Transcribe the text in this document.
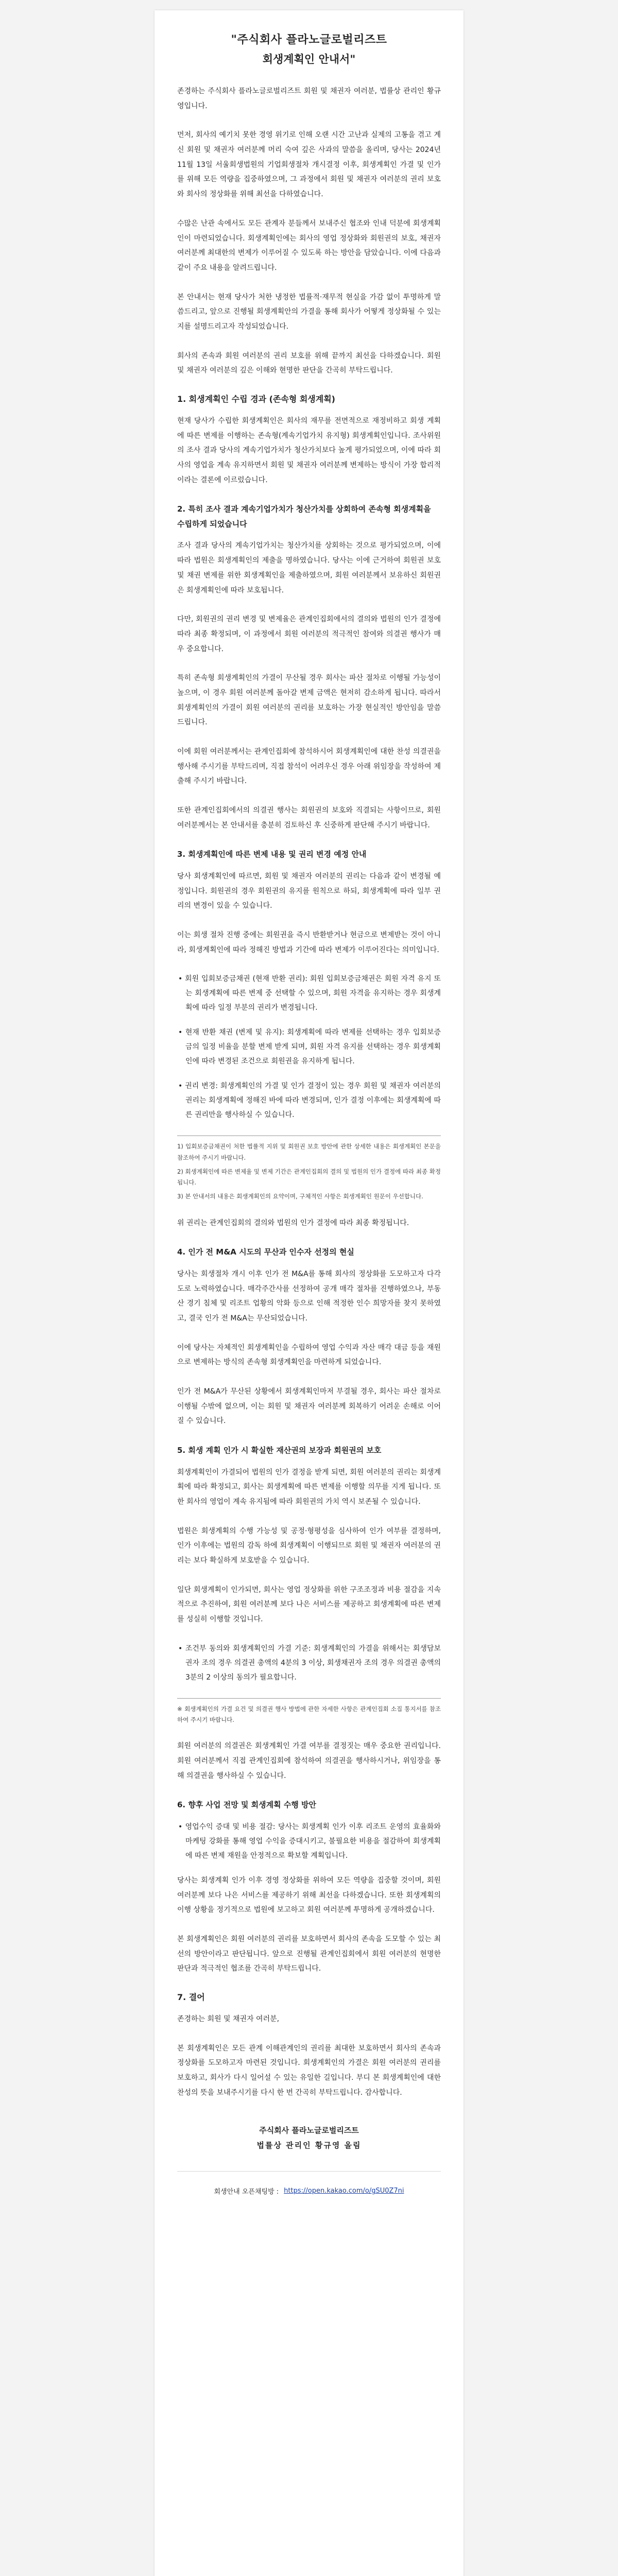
"주식회사 플라노글로벌리즈트
회생계획인 안내서"

존경하는 주식회사 플라노글로벌리즈트 회원 및 채권자 여러분, 법률상 관리인 황규영입니다.

먼저, 회사의 예기치 못한 경영 위기로 인해 오랜 시간 고난과 실제의 고통을 겪고 계신 회원 및 채권자 여러분께 머리 숙여 깊은 사과의 말씀을 올리며, 당사는 2024년 11월 13일 서울회생법원의 기업회생절차 개시결정 이후, 회생계획인 가결 및 인가를 위해 모든 역량을 집중하였으며, 그 과정에서 회원 및 채권자 여러분의 권리 보호와 회사의 정상화를 위해 최선을 다하였습니다.

수많은 난관 속에서도 모든 관계자 분들께서 보내주신 협조와 인내 덕분에 회생계획인이 마련되었습니다. 회생계획인에는 회사의 영업 정상화와 회원권의 보호, 채권자 여러분께 최대한의 변제가 이루어질 수 있도록 하는 방안을 담았습니다. 이에 다음과 같이 주요 내용을 알려드립니다.

본 안내서는 현재 당사가 처한 냉정한 법률적·재무적 현실을 가감 없이 투명하게 말씀드리고, 앞으로 진행될 회생계획안의 가결을 통해 회사가 어떻게 정상화될 수 있는지를 설명드리고자 작성되었습니다.

회사의 존속과 회원 여러분의 권리 보호를 위해 끝까지 최선을 다하겠습니다. 회원 및 채권자 여러분의 깊은 이해와 현명한 판단을 간곡히 부탁드립니다.

1. 회생계획인 수립 경과 (존속형 회생계획)

현재 당사가 수립한 회생계획인은 회사의 재무를 전면적으로 재정비하고 회생 계획에 따른 변제를 이행하는 존속형(계속기업가치 유지형) 회생계획인입니다. 조사위원의 조사 결과 당사의 계속기업가치가 청산가치보다 높게 평가되었으며, 이에 따라 회사의 영업을 계속 유지하면서 회원 및 채권자 여러분께 변제하는 방식이 가장 합리적이라는 결론에 이르렀습니다.

2. 특히 조사 결과 계속기업가치가 청산가치를 상회하여 존속형 회생계획을 수립하게 되었습니다

조사 결과 당사의 계속기업가치는 청산가치를 상회하는 것으로 평가되었으며, 이에 따라 법원은 회생계획인의 제출을 명하였습니다. 당사는 이에 근거하여 회원권 보호 및 채권 변제를 위한 회생계획인을 제출하였으며, 회원 여러분께서 보유하신 회원권은 회생계획인에 따라 보호됩니다.

다만, 회원권의 권리 변경 및 변제율은 관계인집회에서의 결의와 법원의 인가 결정에 따라 최종 확정되며, 이 과정에서 회원 여러분의 적극적인 참여와 의결권 행사가 매우 중요합니다.

특히 존속형 회생계획인의 가결이 무산될 경우 회사는 파산 절차로 이행될 가능성이 높으며, 이 경우 회원 여러분께 돌아갈 변제 금액은 현저히 감소하게 됩니다. 따라서 회생계획인의 가결이 회원 여러분의 권리를 보호하는 가장 현실적인 방안임을 말씀드립니다.

이에 회원 여러분께서는 관계인집회에 참석하시어 회생계획인에 대한 찬성 의결권을 행사해 주시기를 부탁드리며, 직접 참석이 어려우신 경우 아래 위임장을 작성하여 제출해 주시기 바랍니다.

또한 관계인집회에서의 의결권 행사는 회원권의 보호와 직결되는 사항이므로, 회원 여러분께서는 본 안내서를 충분히 검토하신 후 신중하게 판단해 주시기 바랍니다.

3. 회생계획인에 따른 변제 내용 및 권리 변경 예정 안내

당사 회생계획인에 따르면, 회원 및 채권자 여러분의 권리는 다음과 같이 변경될 예정입니다. 회원권의 경우 회원권의 유지를 원칙으로 하되, 회생계획에 따라 일부 권리의 변경이 있을 수 있습니다.

이는 회생 절차 진행 중에는 회원권을 즉시 반환받거나 현금으로 변제받는 것이 아니라, 회생계획인에 따라 정해진 방법과 기간에 따라 변제가 이루어진다는 의미입니다.

• 회원 입회보증금채권 (현재 반환 권리): 회원 입회보증금채권은 회원 자격 유지 또는 회생계획에 따른 변제 중 선택할 수 있으며, 회원 자격을 유지하는 경우 회생계획에 따라 일정 부분의 권리가 변경됩니다.

• 현재 반환 채권 (변제 및 유지): 회생계획에 따라 변제를 선택하는 경우 입회보증금의 일정 비율을 분할 변제 받게 되며, 회원 자격 유지를 선택하는 경우 회생계획인에 따라 변경된 조건으로 회원권을 유지하게 됩니다.

• 권리 변경: 회생계획인의 가결 및 인가 결정이 있는 경우 회원 및 채권자 여러분의 권리는 회생계획에 정해진 바에 따라 변경되며, 인가 결정 이후에는 회생계획에 따른 권리만을 행사하실 수 있습니다.

1) 입회보증금채권이 처한 법률적 지위 및 회원권 보호 방안에 관한 상세한 내용은 회생계획인 본문을 참조하여 주시기 바랍니다.

2) 회생계획인에 따른 변제율 및 변제 기간은 관계인집회의 결의 및 법원의 인가 결정에 따라 최종 확정됩니다.

3) 본 안내서의 내용은 회생계획인의 요약이며, 구체적인 사항은 회생계획인 원문이 우선합니다.

위 권리는 관계인집회의 결의와 법원의 인가 결정에 따라 최종 확정됩니다.

4. 인가 전 M&A 시도의 무산과 인수자 선정의 현실

당사는 회생절차 개시 이후 인가 전 M&A를 통해 회사의 정상화를 도모하고자 다각도로 노력하였습니다. 매각주간사를 선정하여 공개 매각 절차를 진행하였으나, 부동산 경기 침체 및 리조트 업황의 악화 등으로 인해 적정한 인수 희망자를 찾지 못하였고, 결국 인가 전 M&A는 무산되었습니다.

이에 당사는 자체적인 회생계획인을 수립하여 영업 수익과 자산 매각 대금 등을 재원으로 변제하는 방식의 존속형 회생계획인을 마련하게 되었습니다.

인가 전 M&A가 무산된 상황에서 회생계획인마저 부결될 경우, 회사는 파산 절차로 이행될 수밖에 없으며, 이는 회원 및 채권자 여러분께 회복하기 어려운 손해로 이어질 수 있습니다.

5. 회생 계획 인가 시 확실한 재산권의 보장과 회원권의 보호

회생계획인이 가결되어 법원의 인가 결정을 받게 되면, 회원 여러분의 권리는 회생계획에 따라 확정되고, 회사는 회생계획에 따른 변제를 이행할 의무를 지게 됩니다. 또한 회사의 영업이 계속 유지됨에 따라 회원권의 가치 역시 보존될 수 있습니다.

법원은 회생계획의 수행 가능성 및 공정·형평성을 심사하여 인가 여부를 결정하며, 인가 이후에는 법원의 감독 하에 회생계획이 이행되므로 회원 및 채권자 여러분의 권리는 보다 확실하게 보호받을 수 있습니다.

일단 회생계획이 인가되면, 회사는 영업 정상화를 위한 구조조정과 비용 절감을 지속적으로 추진하여, 회원 여러분께 보다 나은 서비스를 제공하고 회생계획에 따른 변제를 성실히 이행할 것입니다.

• 조건부 동의와 회생계획인의 가결 기준: 회생계획인의 가결을 위해서는 회생담보권자 조의 경우 의결권 총액의 4분의 3 이상, 회생채권자 조의 경우 의결권 총액의 3분의 2 이상의 동의가 필요합니다.

※ 회생계획인의 가결 요건 및 의결권 행사 방법에 관한 자세한 사항은 관계인집회 소집 통지서를 참조하여 주시기 바랍니다.

회원 여러분의 의결권은 회생계획인 가결 여부를 결정짓는 매우 중요한 권리입니다. 회원 여러분께서 직접 관계인집회에 참석하여 의결권을 행사하시거나, 위임장을 통해 의결권을 행사하실 수 있습니다.

6. 향후 사업 전망 및 회생계획 수행 방안

• 영업수익 증대 및 비용 절감: 당사는 회생계획 인가 이후 리조트 운영의 효율화와 마케팅 강화를 통해 영업 수익을 증대시키고, 불필요한 비용을 절감하여 회생계획에 따른 변제 재원을 안정적으로 확보할 계획입니다.

당사는 회생계획 인가 이후 경영 정상화를 위하여 모든 역량을 집중할 것이며, 회원 여러분께 보다 나은 서비스를 제공하기 위해 최선을 다하겠습니다. 또한 회생계획의 이행 상황을 정기적으로 법원에 보고하고 회원 여러분께 투명하게 공개하겠습니다.

본 회생계획인은 회원 여러분의 권리를 보호하면서 회사의 존속을 도모할 수 있는 최선의 방안이라고 판단됩니다. 앞으로 진행될 관계인집회에서 회원 여러분의 현명한 판단과 적극적인 협조를 간곡히 부탁드립니다.

7. 결어

존경하는 회원 및 채권자 여러분,

본 회생계획인은 모든 관계 이해관계인의 권리를 최대한 보호하면서 회사의 존속과 정상화를 도모하고자 마련된 것입니다. 회생계획인의 가결은 회원 여러분의 권리를 보호하고, 회사가 다시 일어설 수 있는 유일한 길입니다. 부디 본 회생계획인에 대한 찬성의 뜻을 보내주시기를 다시 한 번 간곡히 부탁드립니다. 감사합니다.

주식회사 플라노글로벌리즈트
법률상 관리인 황규영 올림
회생안내 오픈채팅방 : https://open.kakao.com/o/gSU0Z7ni
